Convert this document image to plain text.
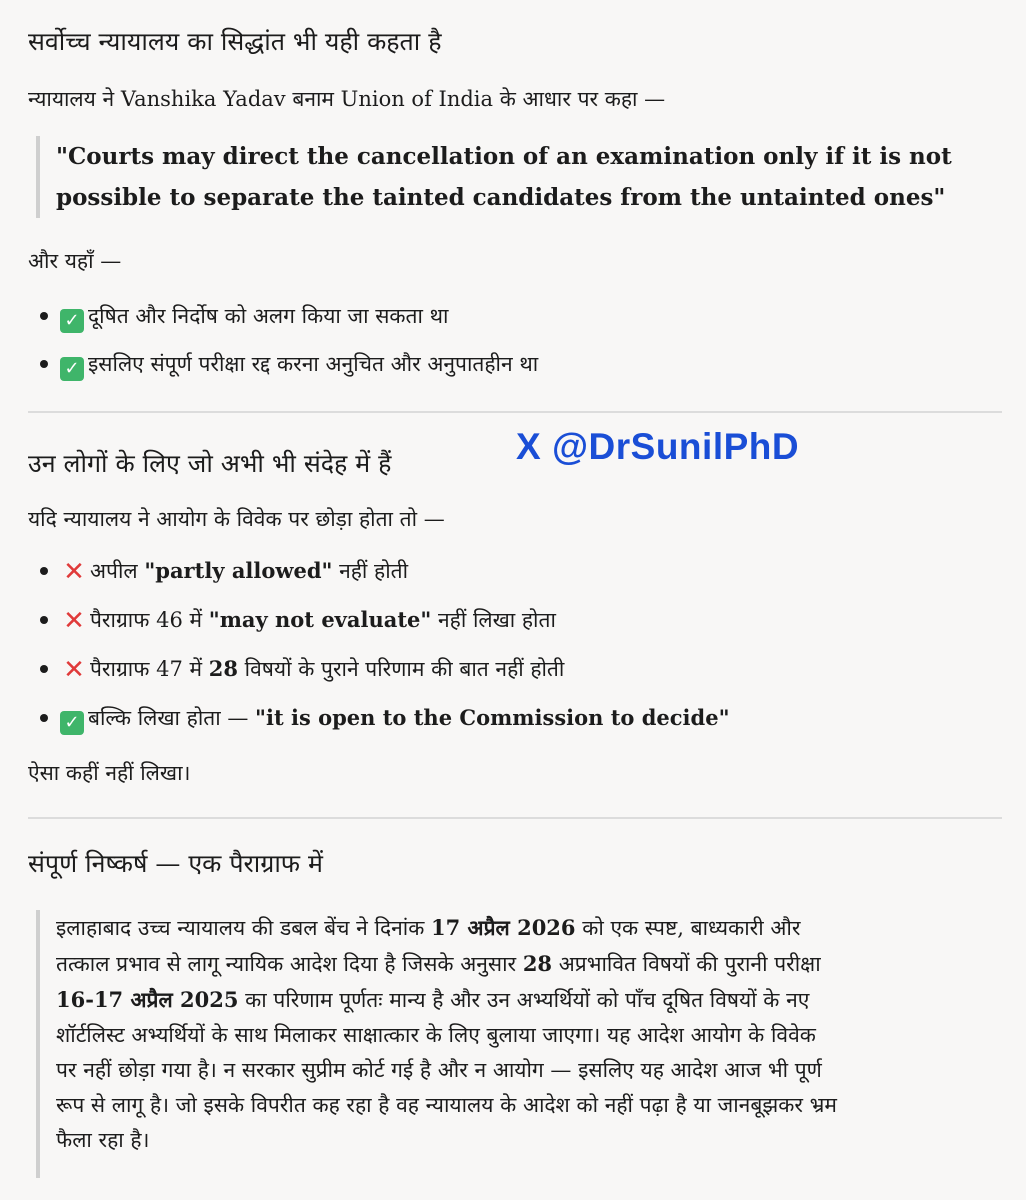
सर्वोच्च न्यायालय का सिद्धांत भी यही कहता है

न्यायालय ने Vanshika Yadav बनाम Union of India के आधार पर कहा —

"Courts may direct the cancellation of an examination only if it is not

possible to separate the tainted candidates from the untainted ones"

और यहाँ —

✓ दूषित और निर्दोष को अलग किया जा सकता था
✓ इसलिए संपूर्ण परीक्षा रद्द करना अनुचित और अनुपातहीन था
उन लोगों के लिए जो अभी भी संदेह में हैं

यदि न्यायालय ने आयोग के विवेक पर छोड़ा होता तो —

✕ अपील "partly allowed" नहीं होती
✕ पैराग्राफ 46 में "may not evaluate" नहीं लिखा होता
✕ पैराग्राफ 47 में 28 विषयों के पुराने परिणाम की बात नहीं होती
✓ बल्कि लिखा होता — "it is open to the Commission to decide"

ऐसा कहीं नहीं लिखा।

संपूर्ण निष्कर्ष — एक पैराग्राफ में

इलाहाबाद उच्च न्यायालय की डबल बेंच ने दिनांक 17 अप्रैल 2026 को एक स्पष्ट, बाध्यकारी और

तत्काल प्रभाव से लागू न्यायिक आदेश दिया है जिसके अनुसार 28 अप्रभावित विषयों की पुरानी परीक्षा

16-17 अप्रैल 2025 का परिणाम पूर्णतः मान्य है और उन अभ्यर्थियों को पाँच दूषित विषयों के नए

शॉर्टलिस्ट अभ्यर्थियों के साथ मिलाकर साक्षात्कार के लिए बुलाया जाएगा। यह आदेश आयोग के विवेक

पर नहीं छोड़ा गया है। न सरकार सुप्रीम कोर्ट गई है और न आयोग — इसलिए यह आदेश आज भी पूर्ण

रूप से लागू है। जो इसके विपरीत कह रहा है वह न्यायालय के आदेश को नहीं पढ़ा है या जानबूझकर भ्रम

फैला रहा है।

X @DrSunilPhD
